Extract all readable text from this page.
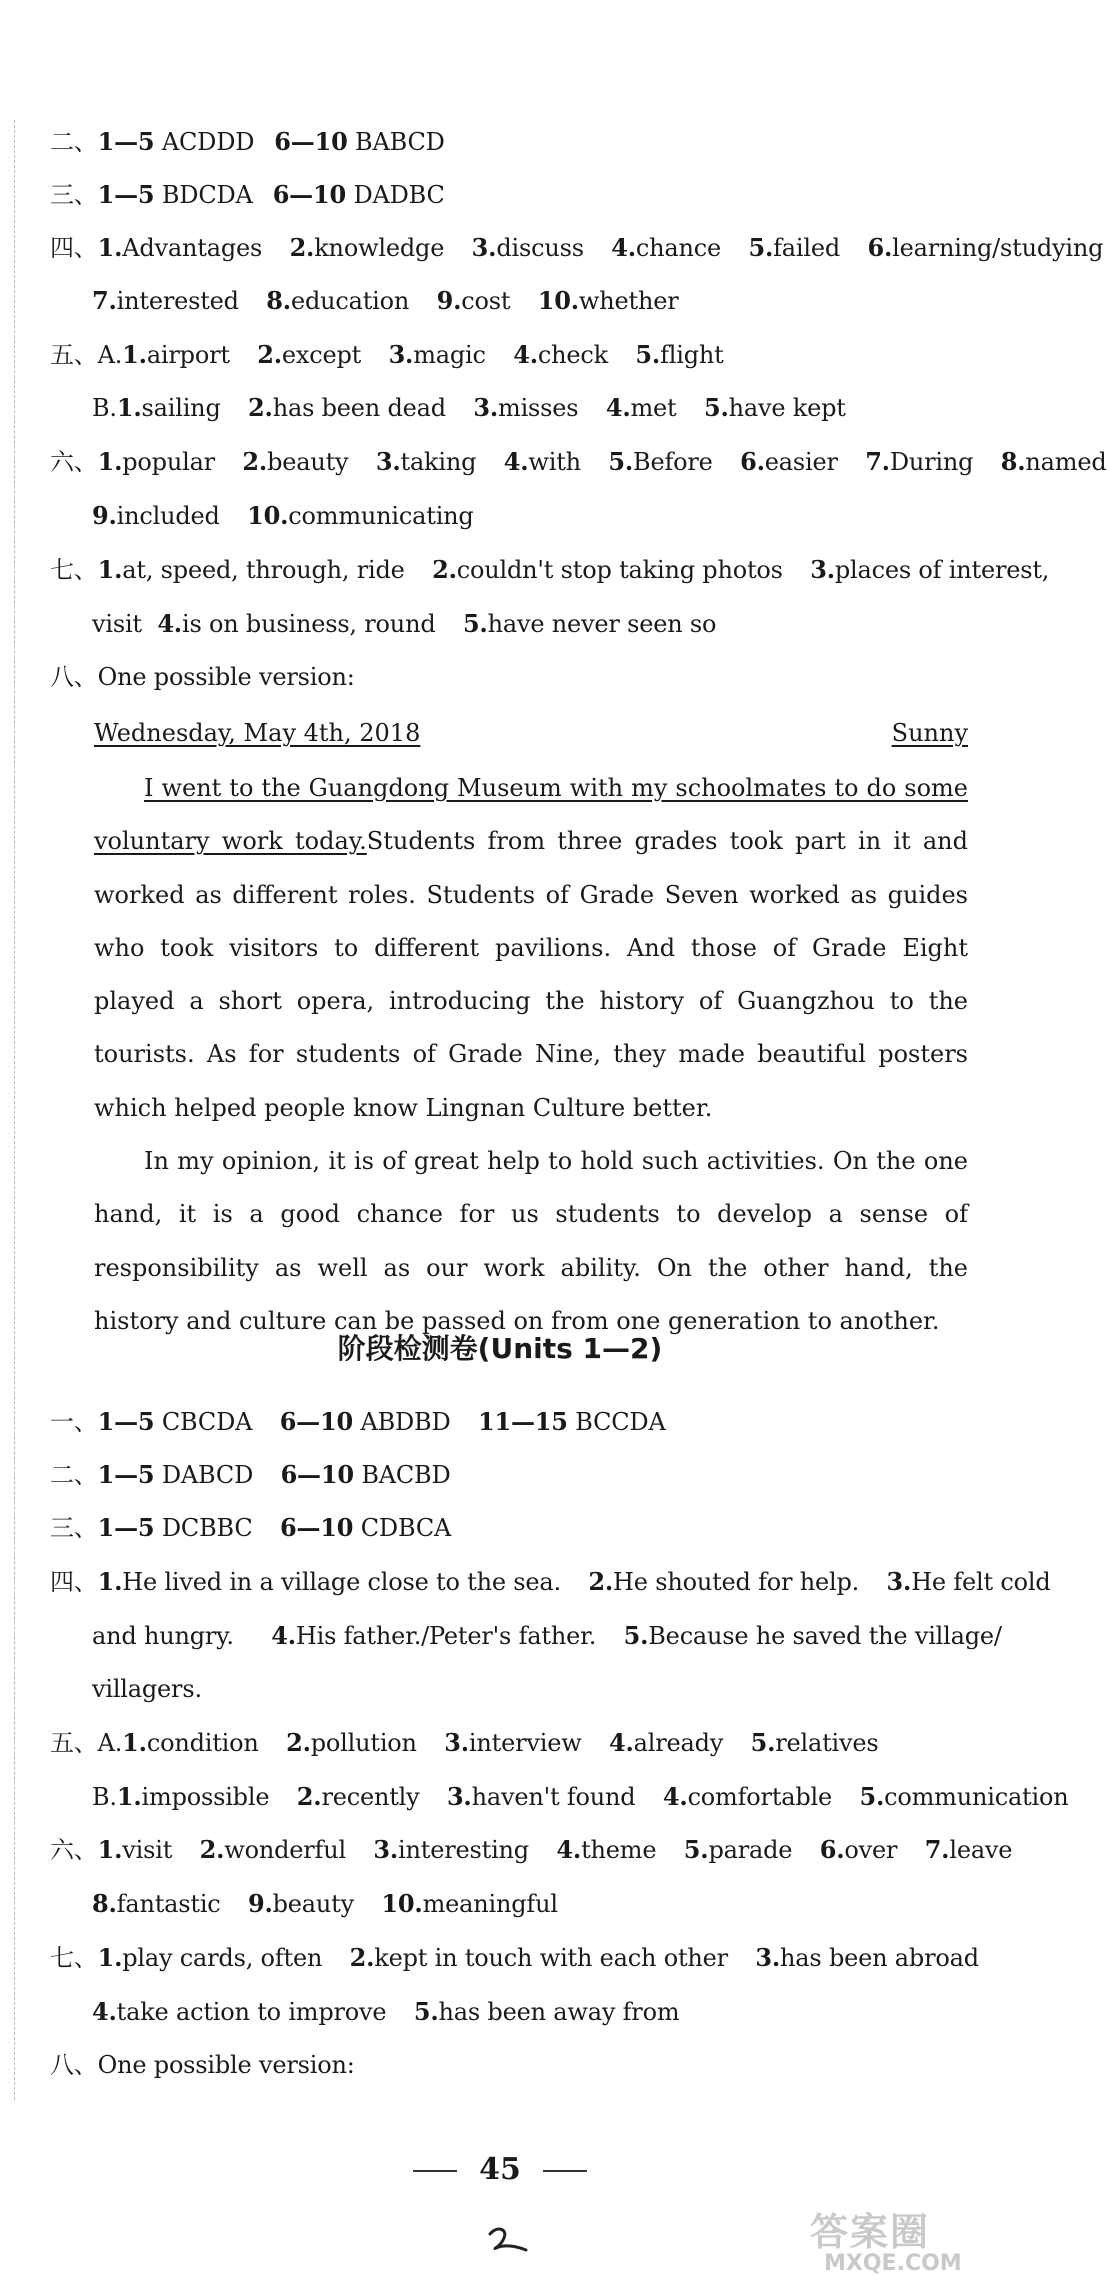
二、1—5 ACDDD 6—10 BABCD
三、1—5 BDCDA 6—10 DADBC
四、1.Advantages 2.knowledge 3.discuss 4.chance 5.failed 6.learning/studying
7.interested 8.education 9.cost 10.whether
五、A.1.airport 2.except 3.magic 4.check 5.flight
B.1.sailing 2.has been dead 3.misses 4.met 5.have kept
六、1.popular 2.beauty 3.taking 4.with 5.Before 6.easier 7.During 8.named
9.included 10.communicating
七、1.at, speed, through, ride 2.couldn't stop taking photos 3.places of interest,
visit 4.is on business, round 5.have never seen so
八、One possible version:
Wednesday, May 4th, 2018	Sunny

I went to the Guangdong Museum with my schoolmates to do some voluntary work today.Students from three grades took part in it and worked as different roles. Students of Grade Seven worked as guides who took visitors to different pavilions. And those of Grade Eight played a short opera, introducing the history of Guangzhou to the tourists. As for students of Grade Nine, they made beautiful posters which helped people know Lingnan Culture better.

In my opinion, it is of great help to hold such activities. On the one hand, it is a good chance for us students to develop a sense of responsibility as well as our work ability. On the other hand, the history and culture can be passed on from one generation to another.

阶段检测卷(Units 1—2)
一、1—5 CBCDA 6—10 ABDBD 11—15 BCCDA
二、1—5 DABCD 6—10 BACBD
三、1—5 DCBBC 6—10 CDBCA
四、1.He lived in a village close to the sea. 2.He shouted for help. 3.He felt cold
and hungry. 4.His father./Peter's father. 5.Because he saved the village/
villagers.
五、A.1.condition 2.pollution 3.interview 4.already 5.relatives
B.1.impossible 2.recently 3.haven't found 4.comfortable 5.communication
六、1.visit 2.wonderful 3.interesting 4.theme 5.parade 6.over 7.leave
8.fantastic 9.beauty 10.meaningful
七、1.play cards, often 2.kept in touch with each other 3.has been abroad
4.take action to improve 5.has been away from
八、One possible version:
45
答案圈
MXQE.COM
